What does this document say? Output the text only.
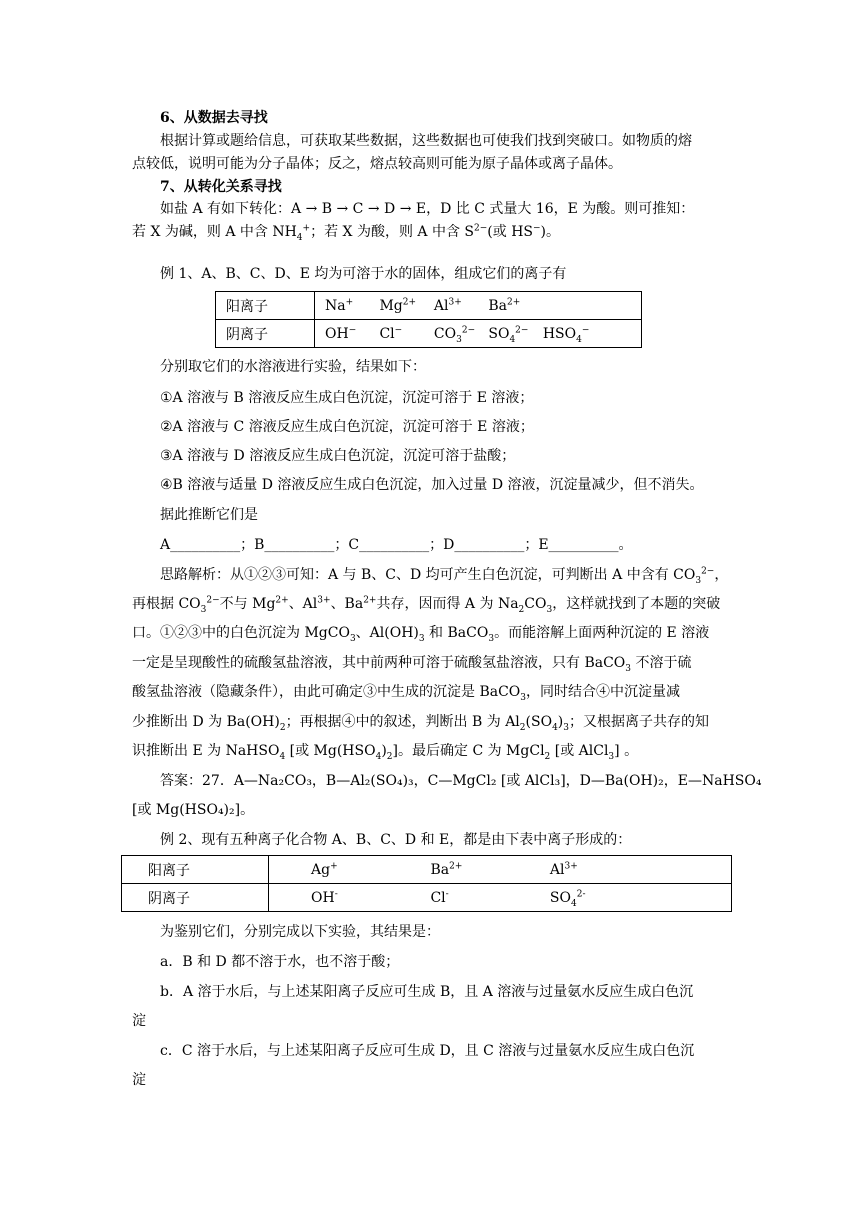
6、从数据去寻找
根据计算或题给信息，可获取某些数据，这些数据也可使我们找到突破口。如物质的熔
点较低，说明可能为分子晶体；反之，熔点较高则可能为原子晶体或离子晶体。
7、从转化关系寻找
如盐 A 有如下转化：A → B → C → D → E，D 比 C 式量大 16，E 为酸。则可推知：
若 X 为碱，则 A 中含 $NH_4^+$；若 X 为酸，则 A 中含 $S^{2-}$(或 HS−)。
例 1、A、B、C、D、E 均为可溶于水的固体，组成它们的离子有
阳离子	Na+ $Mg^{2+}$ $Al^{3+}$ $Ba^{2+}$
阴离子	OH− Cl− $CO_3^{2-}$ $SO_4^{2-}$ $HSO_4^-$
分别取它们的水溶液进行实验，结果如下：
①A 溶液与 B 溶液反应生成白色沉淀，沉淀可溶于 E 溶液；
②A 溶液与 C 溶液反应生成白色沉淀，沉淀可溶于 E 溶液；
③A 溶液与 D 溶液反应生成白色沉淀，沉淀可溶于盐酸；
④B 溶液与适量 D 溶液反应生成白色沉淀，加入过量 D 溶液，沉淀量减少，但不消失。
据此推断它们是
A__________；B__________；C__________；D__________；E__________。
思路解析：从①②③可知：A 与 B、C、D 均可产生白色沉淀，可判断出 A 中含有 $CO_3^{2-}$，
再根据 $CO_3^{2-}$不与 $Mg^{2+}$、$Al^{3+}$、$Ba^{2+}$共存，因而得 A 为 $Na_2CO_3$，这样就找到了本题的突破
口。①②③中的白色沉淀为 MgCO$_3$、$Al(OH)_3$ 和 BaCO$_3$。而能溶解上面两种沉淀的 E 溶液
一定是呈现酸性的硫酸氢盐溶液，其中前两种可溶于硫酸氢盐溶液，只有 BaCO$_3$ 不溶于硫
酸氢盐溶液（隐藏条件），由此可确定③中生成的沉淀是 BaCO$_3$，同时结合④中沉淀量减
少推断出 D 为 $Ba(OH)_2$；再根据④中的叙述，判断出 B 为 $Al_2(SO_4)_3$；又根据离子共存的知
识推断出 E 为 NaHSO$_4$ [或 $Mg(HSO_4)_2$]。最后确定 C 为 MgCl$_2$ [或 AlCl$_3$] 。
答案：27．A—Na₂CO₃，B—Al₂(SO₄)₃，C—MgCl₂ [或 AlCl₃]，D—Ba(OH)₂，E—NaHSO₄
[或 Mg(HSO₄)₂]。
例 2、现有五种离子化合物 A、B、C、D 和 E，都是由下表中离子形成的：
阳离子	Ag+ $Ba^{2+}$ $Al^{3+}$
阴离子	OH- Cl- $SO_4^{2-}$
为鉴别它们，分别完成以下实验，其结果是：
a．B 和 D 都不溶于水，也不溶于酸；
b．A 溶于水后，与上述某阳离子反应可生成 B，且 A 溶液与过量氨水反应生成白色沉
淀
c．C 溶于水后，与上述某阳离子反应可生成 D，且 C 溶液与过量氨水反应生成白色沉
淀
